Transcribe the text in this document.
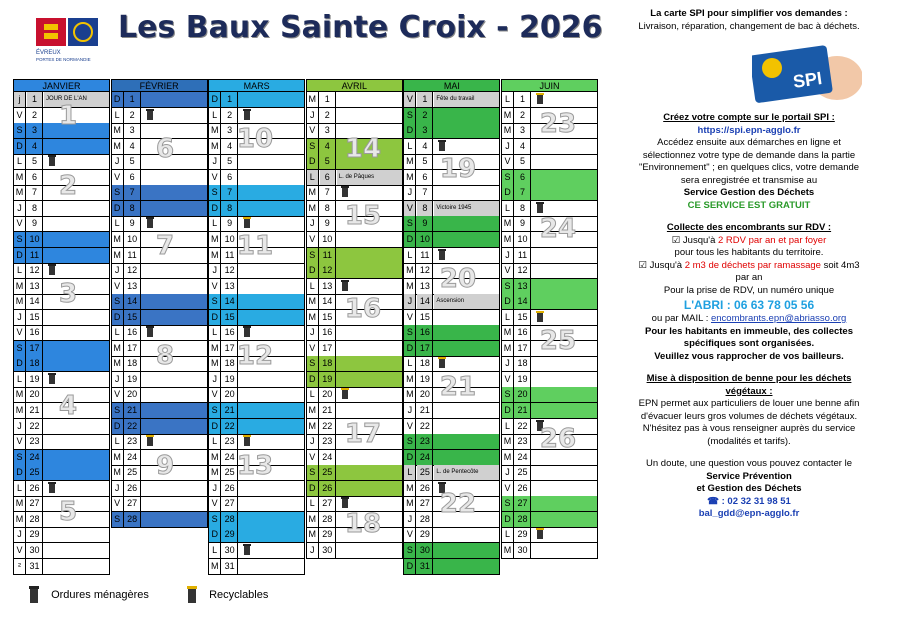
ÉVREUX
PORTES DE NORMANDIE
Les Baux Sainte Croix - 2026
JANVIER
j	1	JOUR DE L'AN
V	2
S	3
D	4
L	5
M 6
M 7
J	8
V	9
S 10
D 11
L 12
M 13
M 14
J 15
V 16
S 17
D 18
L 19
M 20
M 21
J 22
V 23
S 24
D 25
L 26
M 27
M 28
J 29
V 30
² 31
FÉVRIER
D	1
L	2
M 3
M 4
J	5
V	6
S	7
D	8
L	9
M 10
M 11
J 12
V 13
S 14
D 15
L 16
M 17
M 18
J 19
V 20
S 21
D 22
L 23
M 24
M 25
J 26
V 27
S 28
MARS
D	1
L	2
M 3
M 4
J	5
V	6
S	7
D	8
L	9
M 10
M 11
J 12
V 13
S 14
D 15
L 16
M 17
M 18
J 19
V 20
S 21
D 22
L 23
M 24
M 25
J 26
V 27
S 28
D 29
L 30
M 31
AVRIL
M 1
J	2
V	3
S	4
D	5
L	6	L. de Pâques
M 7
M 8
J	9
V 10
S 11
D 12
L 13
M 14
M 15
J 16
V 17
S 18
D 19
L 20
M 21
M 22
J 23
V 24
S 25
D 26
L 27
M 28
M 29
J 30
MAI
V	1	Fête du travail
S	2
D	3
L	4
M 5
M 6
J	7
V	8	Victoire 1945
S	9
D 10
L 11
M 12
M 13
J 14	Ascension
V 15
S 16
D 17
L 18
M 19
M 20
J 21
V 22
S 23
D 24
L 25	L. de Pentecôte
M 26
M 27
J 28
V 29
S 30
D 31
JUIN
L	1
M 2
M 3
J	4
V	5
S	6
D	7
L	8
M 9
M 10
J 11
V 12
S 13
D 14
L 15
M 16
M 17
J 18
V 19
S 20
D 21
L 22
M 23
M 24
J 25
V 26
S 27
D 28
L 29
M 30
1
2
3
4
5
6
7
8
9
10
11
12
13
14
15
16
17
18
19
20
21
22
23
24
25
26
Ordures ménagères	Recyclables
La carte SPI pour simplifier vos demandes :
Livraison, réparation, changement de bac à déchets.
SPI
Créez votre compte sur le portail SPI :
https://spi.epn-agglo.fr
Accédez ensuite aux démarches en ligne et
sélectionnez votre type de demande dans la partie
"Environnement" ; en quelques clics, votre demande
sera enregistrée et transmise au
Service Gestion des Déchets
CE SERVICE EST GRATUIT
Collecte des encombrants sur RDV :
☑ Jusqu'à 2 RDV par an et par foyer
pour tous les habitants du territoire.
☑ Jusqu'à 2 m3 de déchets par ramassage soit 4m3
par an
Pour la prise de RDV, un numéro unique
L'ABRI : 06 63 78 05 56
ou par MAIL : encombrants.epn@abriasso.org
Pour les habitants en immeuble, des collectes
spécifiques sont organisées.
Veuillez vous rapprocher de vos bailleurs.
Mise à disposition de benne pour les déchets
végétaux :
EPN permet aux particuliers de louer une benne afin
d'évacuer leurs gros volumes de déchets végétaux.
N'hésitez pas à vous renseigner auprès du service
(modalités et tarifs).
Un doute, une question vous pouvez contacter le
Service Prévention
et Gestion des Déchets
☎ : 02 32 31 98 51
bal_gdd@epn-agglo.fr
